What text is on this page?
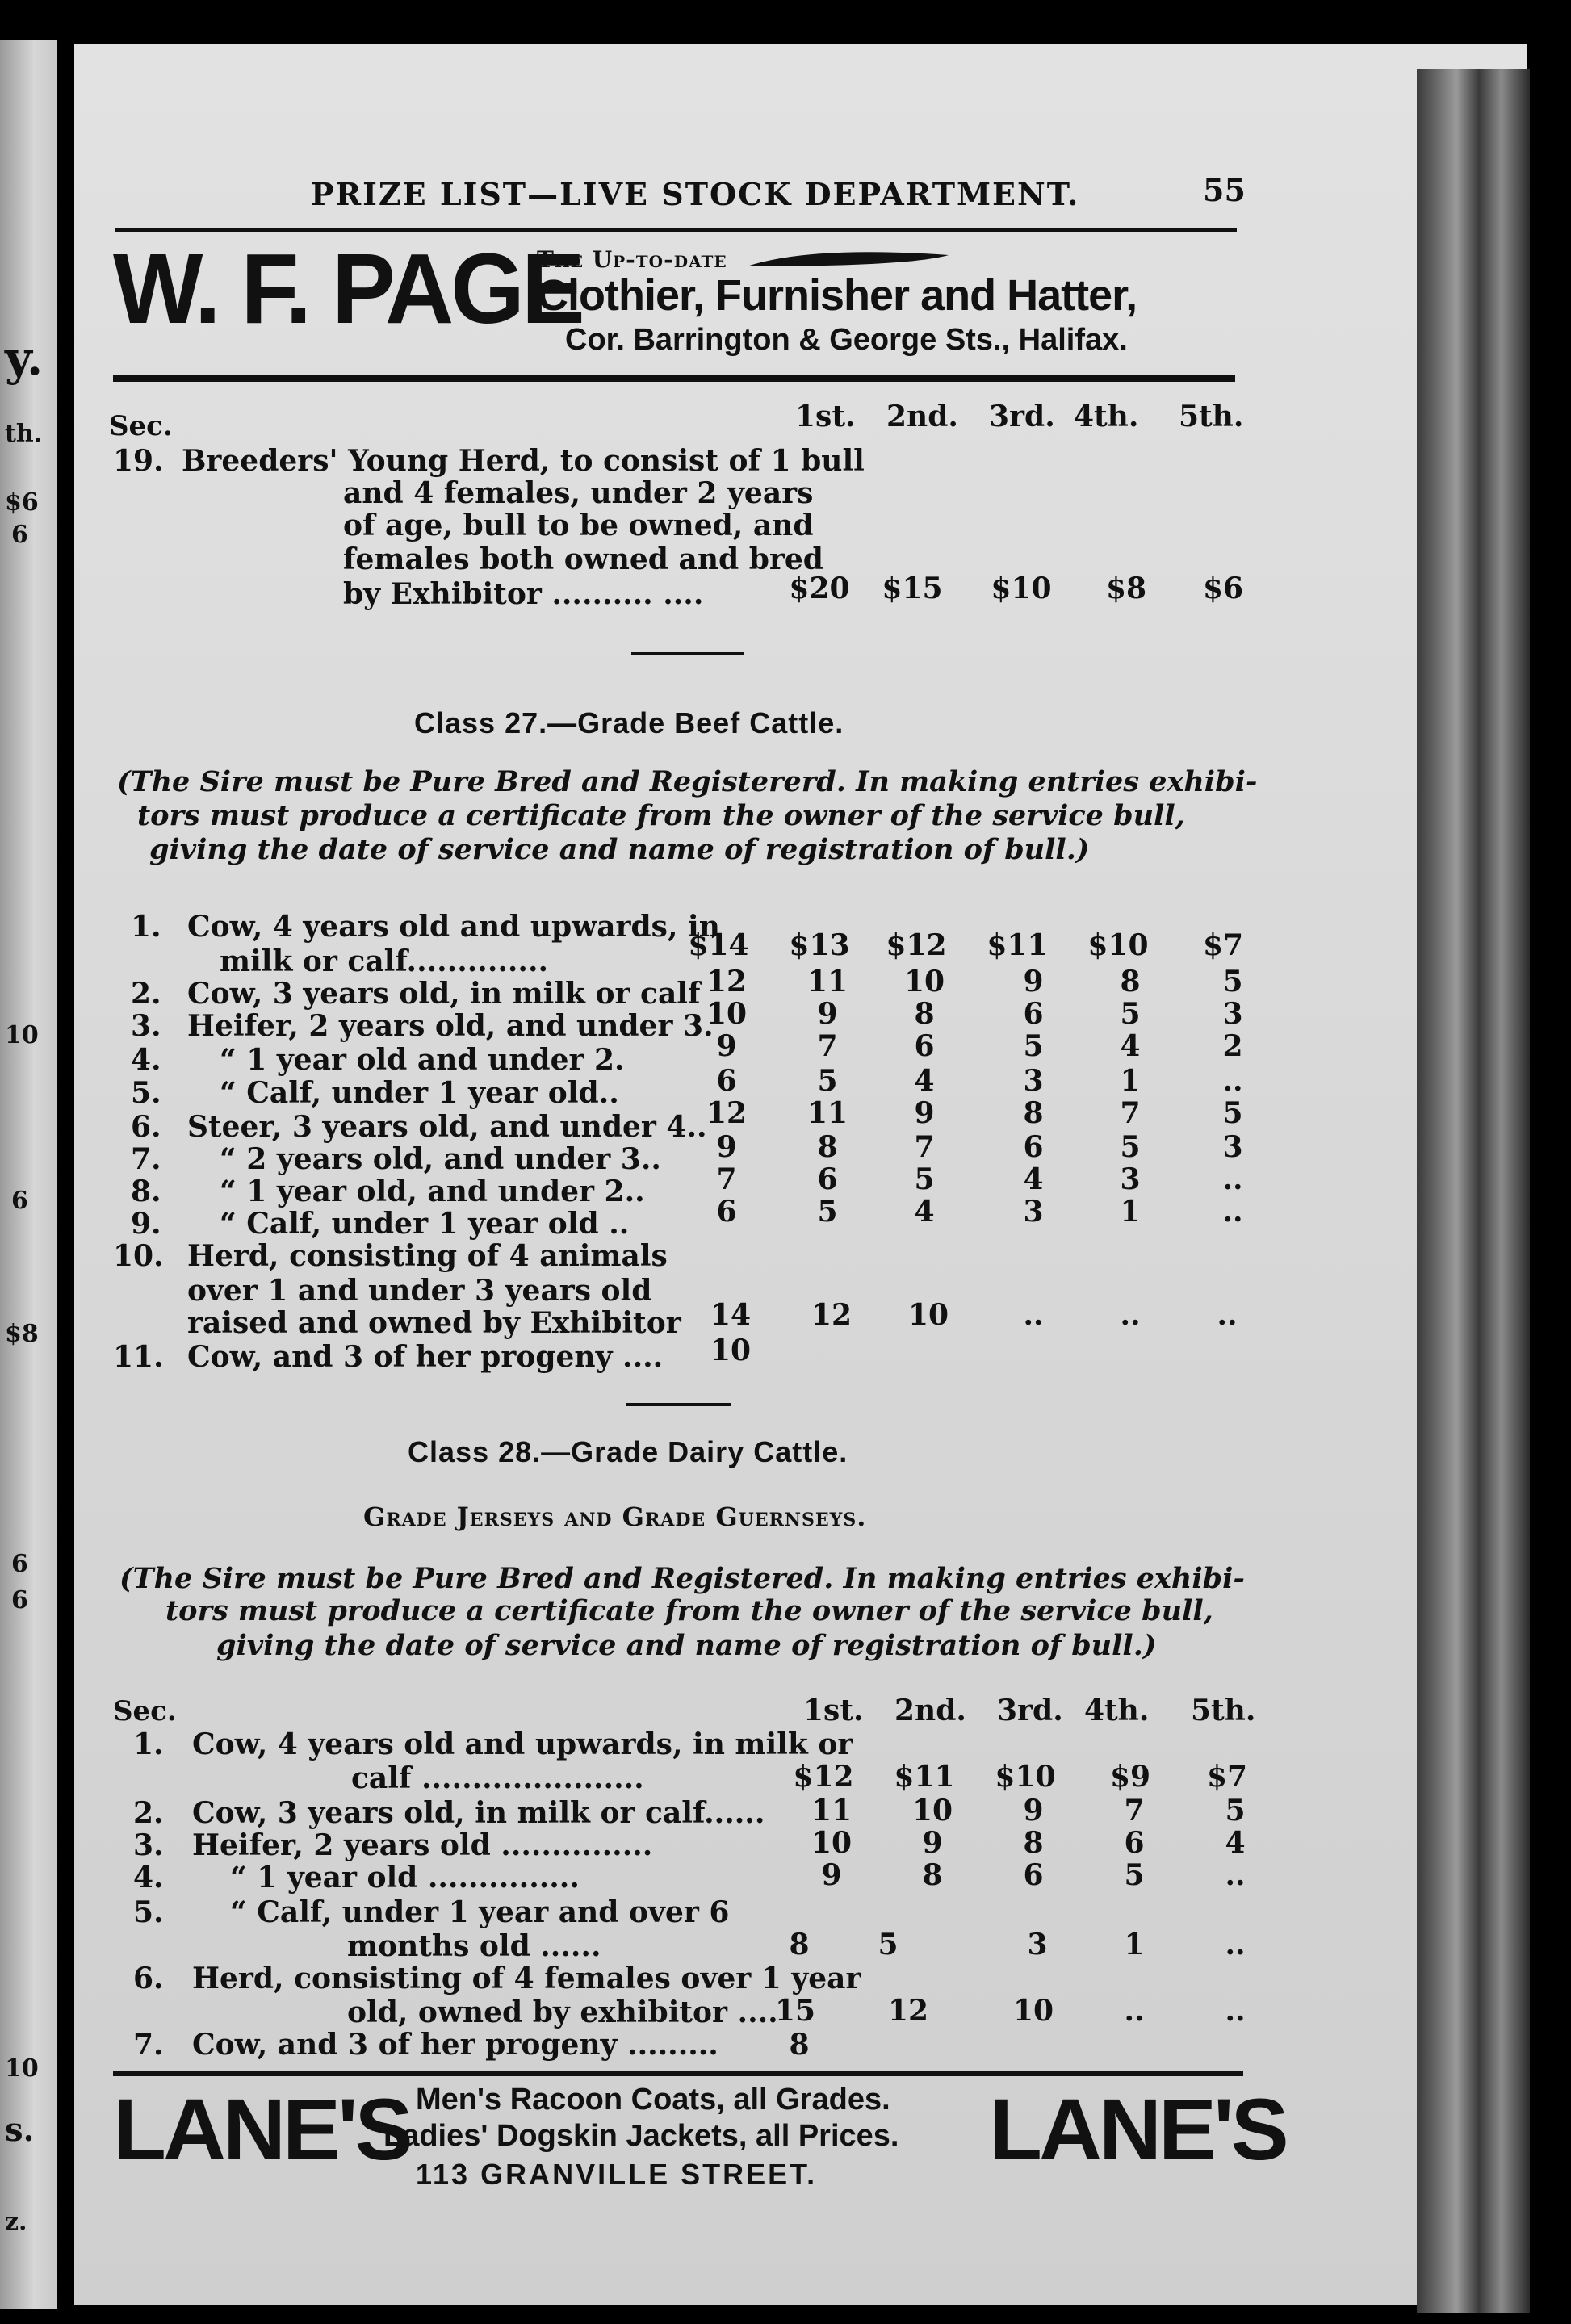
y.
th.
$6
6
10
6
$8
6
6
10
s.
z.
PRIZE LIST—LIVE STOCK DEPARTMENT.	55
W. F. PAGE
The Up-to-date
Clothier, Furnisher and Hatter,
Cor. Barrington & George Sts., Halifax.
Sec.	1st. 2nd. 3rd. 4th. 5th.
19. Breeders' Young Herd, to consist of 1 bull
and 4 females, under 2 years
of age, bull to be owned, and
females both owned and bred
by Exhibitor .......... ....	$20	$15	$10	$8	$6
Class 27.—Grade Beef Cattle.
(The Sire must be Pure Bred and Registererd. In making entries exhibi-
tors must produce a certificate from the owner of the service bull,
giving the date of service and name of registration of bull.)
1. Cow, 4 years old and upwards, in
milk or calf..............	$14	$13	$12	$11	$10	$7
2. Cow, 3 years old, in milk or calf 12	11	10	9	8	5
3. Heifer, 2 years old, and under 3.
10	9	8	6	5	3
4. “ 1 year old and under 2.	9	7	6	5	4	2
5. “ Calf, under 1 year old..	6	5	4	3	1	..
6. Steer, 3 years old, and under 4.. 12	11	9	8	7	5
7. “ 2 years old, and under 3..	9	8	7	6	5	3
8. “ 1 year old, and under 2..	7	6	5	4	3	..
9. “ Calf, under 1 year old ..	6	5	4	3	1	..
10. Herd, consisting of 4 animals
over 1 and under 3 years old
raised and owned by Exhibitor	14	12	10	..	..	..
11. Cow, and 3 of her progeny ....	10
Class 28.—Grade Dairy Cattle.
Grade Jerseys and Grade Guernseys.
(The Sire must be Pure Bred and Registered. In making entries exhibi-
tors must produce a certificate from the owner of the service bull,
giving the date of service and name of registration of bull.)
Sec.	1st. 2nd. 3rd. 4th. 5th.
1. Cow, 4 years old and upwards, in milk or
calf ......................	$12	$11	$10	$9	$7
2. Cow, 3 years old, in milk or calf......	11	10	9	7	5
3. Heifer, 2 years old ...............	10	9	8	6	4
4. “ 1 year old ...............	9	8	6	5	..
5. “ Calf, under 1 year and over 6
months old ......	8	5	3	1	..
6. Herd, consisting of 4 females over 1 year
old, owned by exhibitor ....
15	12	10	..	..
7. Cow, and 3 of her progeny .........	8
LANE'S	LANE'S
Men's Racoon Coats, all Grades.
Ladies' Dogskin Jackets, all Prices.
113 GRANVILLE STREET.
